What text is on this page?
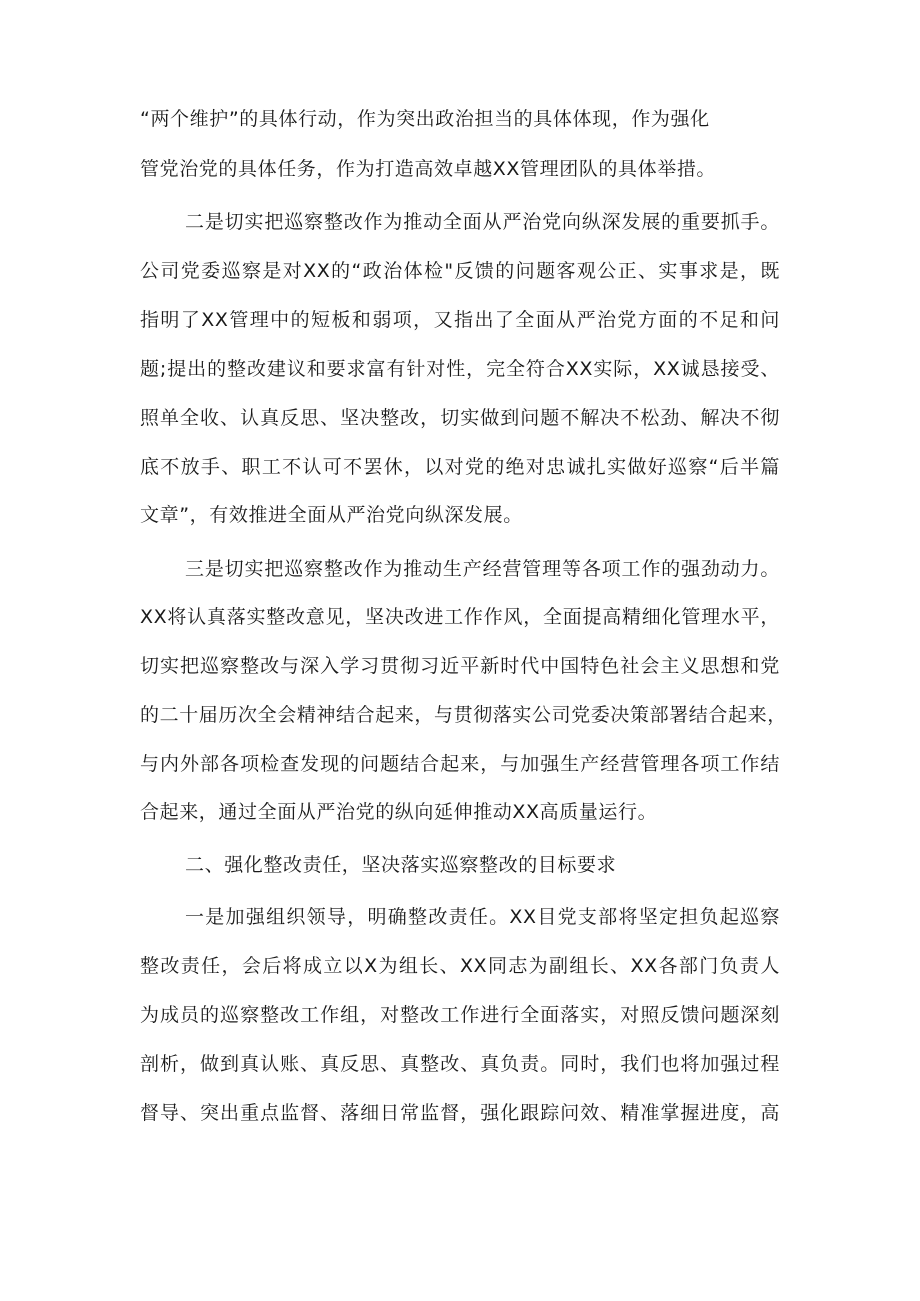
“两个维护”的具体行动，作为突出政治担当的具体体现，作为强化
管党治党的具体任务，作为打造高效卓越XX管理团队的具体举措。
二是切实把巡察整改作为推动全面从严治党向纵深发展的重要抓手。
公司党委巡察是对XX的“政治体检"反馈的问题客观公正、实事求是，既
指明了XX管理中的短板和弱项，又指出了全面从严治党方面的不足和问
题;提出的整改建议和要求富有针对性，完全符合XX实际，XX诚恳接受、
照单全收、认真反思、坚决整改，切实做到问题不解决不松劲、解决不彻
底不放手、职工不认可不罢休，以对党的绝对忠诚扎实做好巡察“后半篇
文章”，有效推进全面从严治党向纵深发展。
三是切实把巡察整改作为推动生产经营管理等各项工作的强劲动力。
XX将认真落实整改意见，坚决改进工作作风，全面提高精细化管理水平，
切实把巡察整改与深入学习贯彻习近平新时代中国特色社会主义思想和党
的二十届历次全会精神结合起来，与贯彻落实公司党委决策部署结合起来，
与内外部各项检查发现的问题结合起来，与加强生产经营管理各项工作结
合起来，通过全面从严治党的纵向延伸推动XX高质量运行。
二、强化整改责任，坚决落实巡察整改的目标要求
一是加强组织领导，明确整改责任。XX目党支部将坚定担负起巡察
整改责任，会后将成立以X为组长、XX同志为副组长、XX各部门负责人
为成员的巡察整改工作组，对整改工作进行全面落实，对照反馈问题深刻
剖析，做到真认账、真反思、真整改、真负责。同时，我们也将加强过程
督导、突出重点监督、落细日常监督，强化跟踪问效、精准掌握进度，高
